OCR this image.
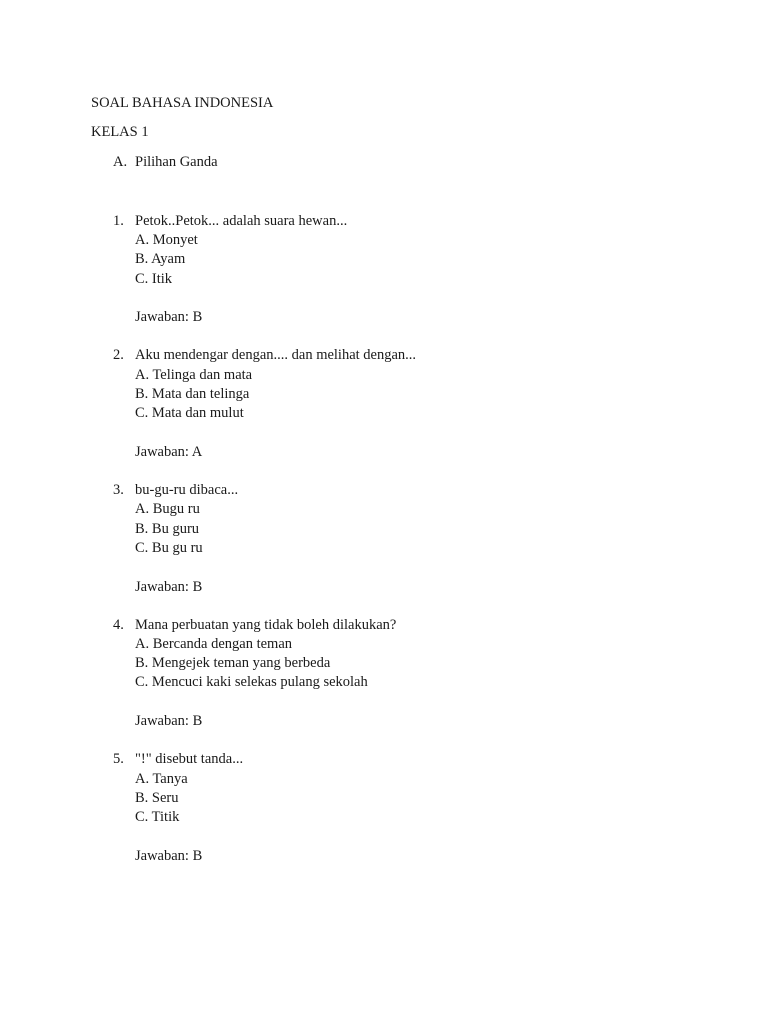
SOAL BAHASA INDONESIA
KELAS 1
A. Pilihan Ganda
1. Petok..Petok... adalah suara hewan...
A. Monyet
B. Ayam
C. Itik
Jawaban: B
2. Aku mendengar dengan.... dan melihat dengan...
A. Telinga dan mata
B. Mata dan telinga
C. Mata dan mulut
Jawaban: A
3. bu-gu-ru dibaca...
A. Bugu ru
B. Bu guru
C. Bu gu ru
Jawaban: B
4. Mana perbuatan yang tidak boleh dilakukan?
A. Bercanda dengan teman
B. Mengejek teman yang berbeda
C. Mencuci kaki selekas pulang sekolah
Jawaban: B
5. "!" disebut tanda...
A. Tanya
B. Seru
C. Titik
Jawaban: B
